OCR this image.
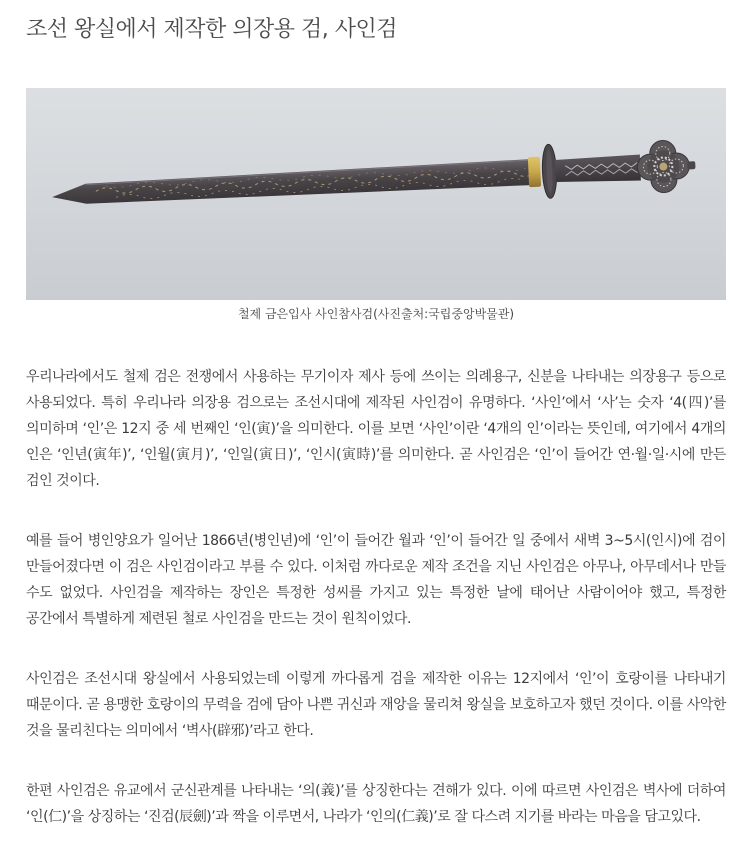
조선 왕실에서 제작한 의장용 검, 사인검
철제 금은입사 사인참사검(사진출처:국립중앙박물관)

우리나라에서도 철제 검은 전쟁에서 사용하는 무기이자 제사 등에 쓰이는 의례용구, 신분을 나타내는 의장용구 등으로 사용되었다. 특히 우리나라 의장용 검으로는 조선시대에 제작된 사인검이 유명하다. ‘사인’에서 ‘사’는 숫자 ‘4(四)’를 의미하며 ‘인’은 12지 중 세 번째인 ‘인(寅)’을 의미한다. 이를 보면 ‘사인’이란 ‘4개의 인’이라는 뜻인데, 여기에서 4개의 인은 ‘인년(寅年)’, ‘인월(寅月)’, ‘인일(寅日)’, ‘인시(寅時)’를 의미한다. 곧 사인검은 ‘인’이 들어간 연·월·일·시에 만든 검인 것이다.

예를 들어 병인양요가 일어난 1866년(병인년)에 ‘인’이 들어간 월과 ‘인’이 들어간 일 중에서 새벽 3~5시(인시)에 검이 만들어졌다면 이 검은 사인검이라고 부를 수 있다. 이처럼 까다로운 제작 조건을 지닌 사인검은 아무나, 아무데서나 만들 수도 없었다. 사인검을 제작하는 장인은 특정한 성씨를 가지고 있는 특정한 날에 태어난 사람이어야 했고, 특정한 공간에서 특별하게 제련된 철로 사인검을 만드는 것이 원칙이었다.

사인검은 조선시대 왕실에서 사용되었는데 이렇게 까다롭게 검을 제작한 이유는 12지에서 ‘인’이 호랑이를 나타내기 때문이다. 곧 용맹한 호랑이의 무력을 검에 담아 나쁜 귀신과 재앙을 물리쳐 왕실을 보호하고자 했던 것이다. 이를 사악한 것을 물리친다는 의미에서 ‘벽사(辟邪)’라고 한다.

한편 사인검은 유교에서 군신관계를 나타내는 ‘의(義)’를 상징한다는 견해가 있다. 이에 따르면 사인검은 벽사에 더하여 ‘인(仁)’을 상징하는 ‘진검(辰劍)’과 짝을 이루면서, 나라가 ‘인의(仁義)’로 잘 다스려 지기를 바라는 마음을 담고있다.
